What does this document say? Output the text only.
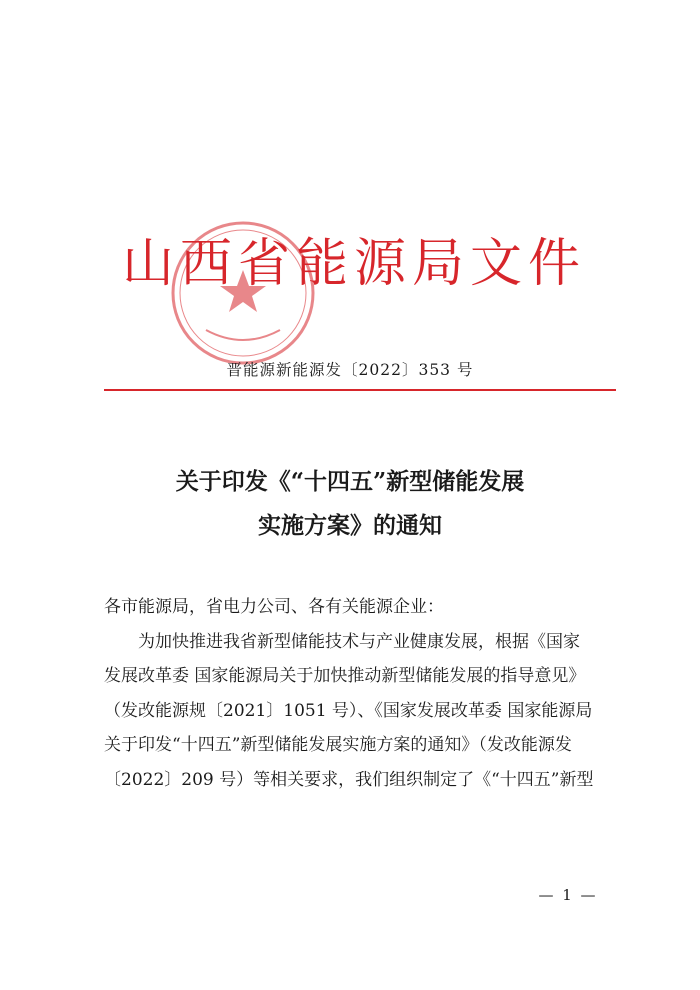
山西省能源局文件
晋能源新能源发〔2022〕353 号
关于印发《“十四五”新型储能发展
实施方案》的通知
各市能源局，省电力公司、各有关能源企业：
为加快推进我省新型储能技术与产业健康发展，根据《国家
发展改革委 国家能源局关于加快推动新型储能发展的指导意见》
（发改能源规〔2021〕1051 号）、《国家发展改革委 国家能源局
关于印发“十四五”新型储能发展实施方案的通知》（发改能源发
〔2022〕209 号）等相关要求，我们组织制定了《“十四五”新型
— 1 —
